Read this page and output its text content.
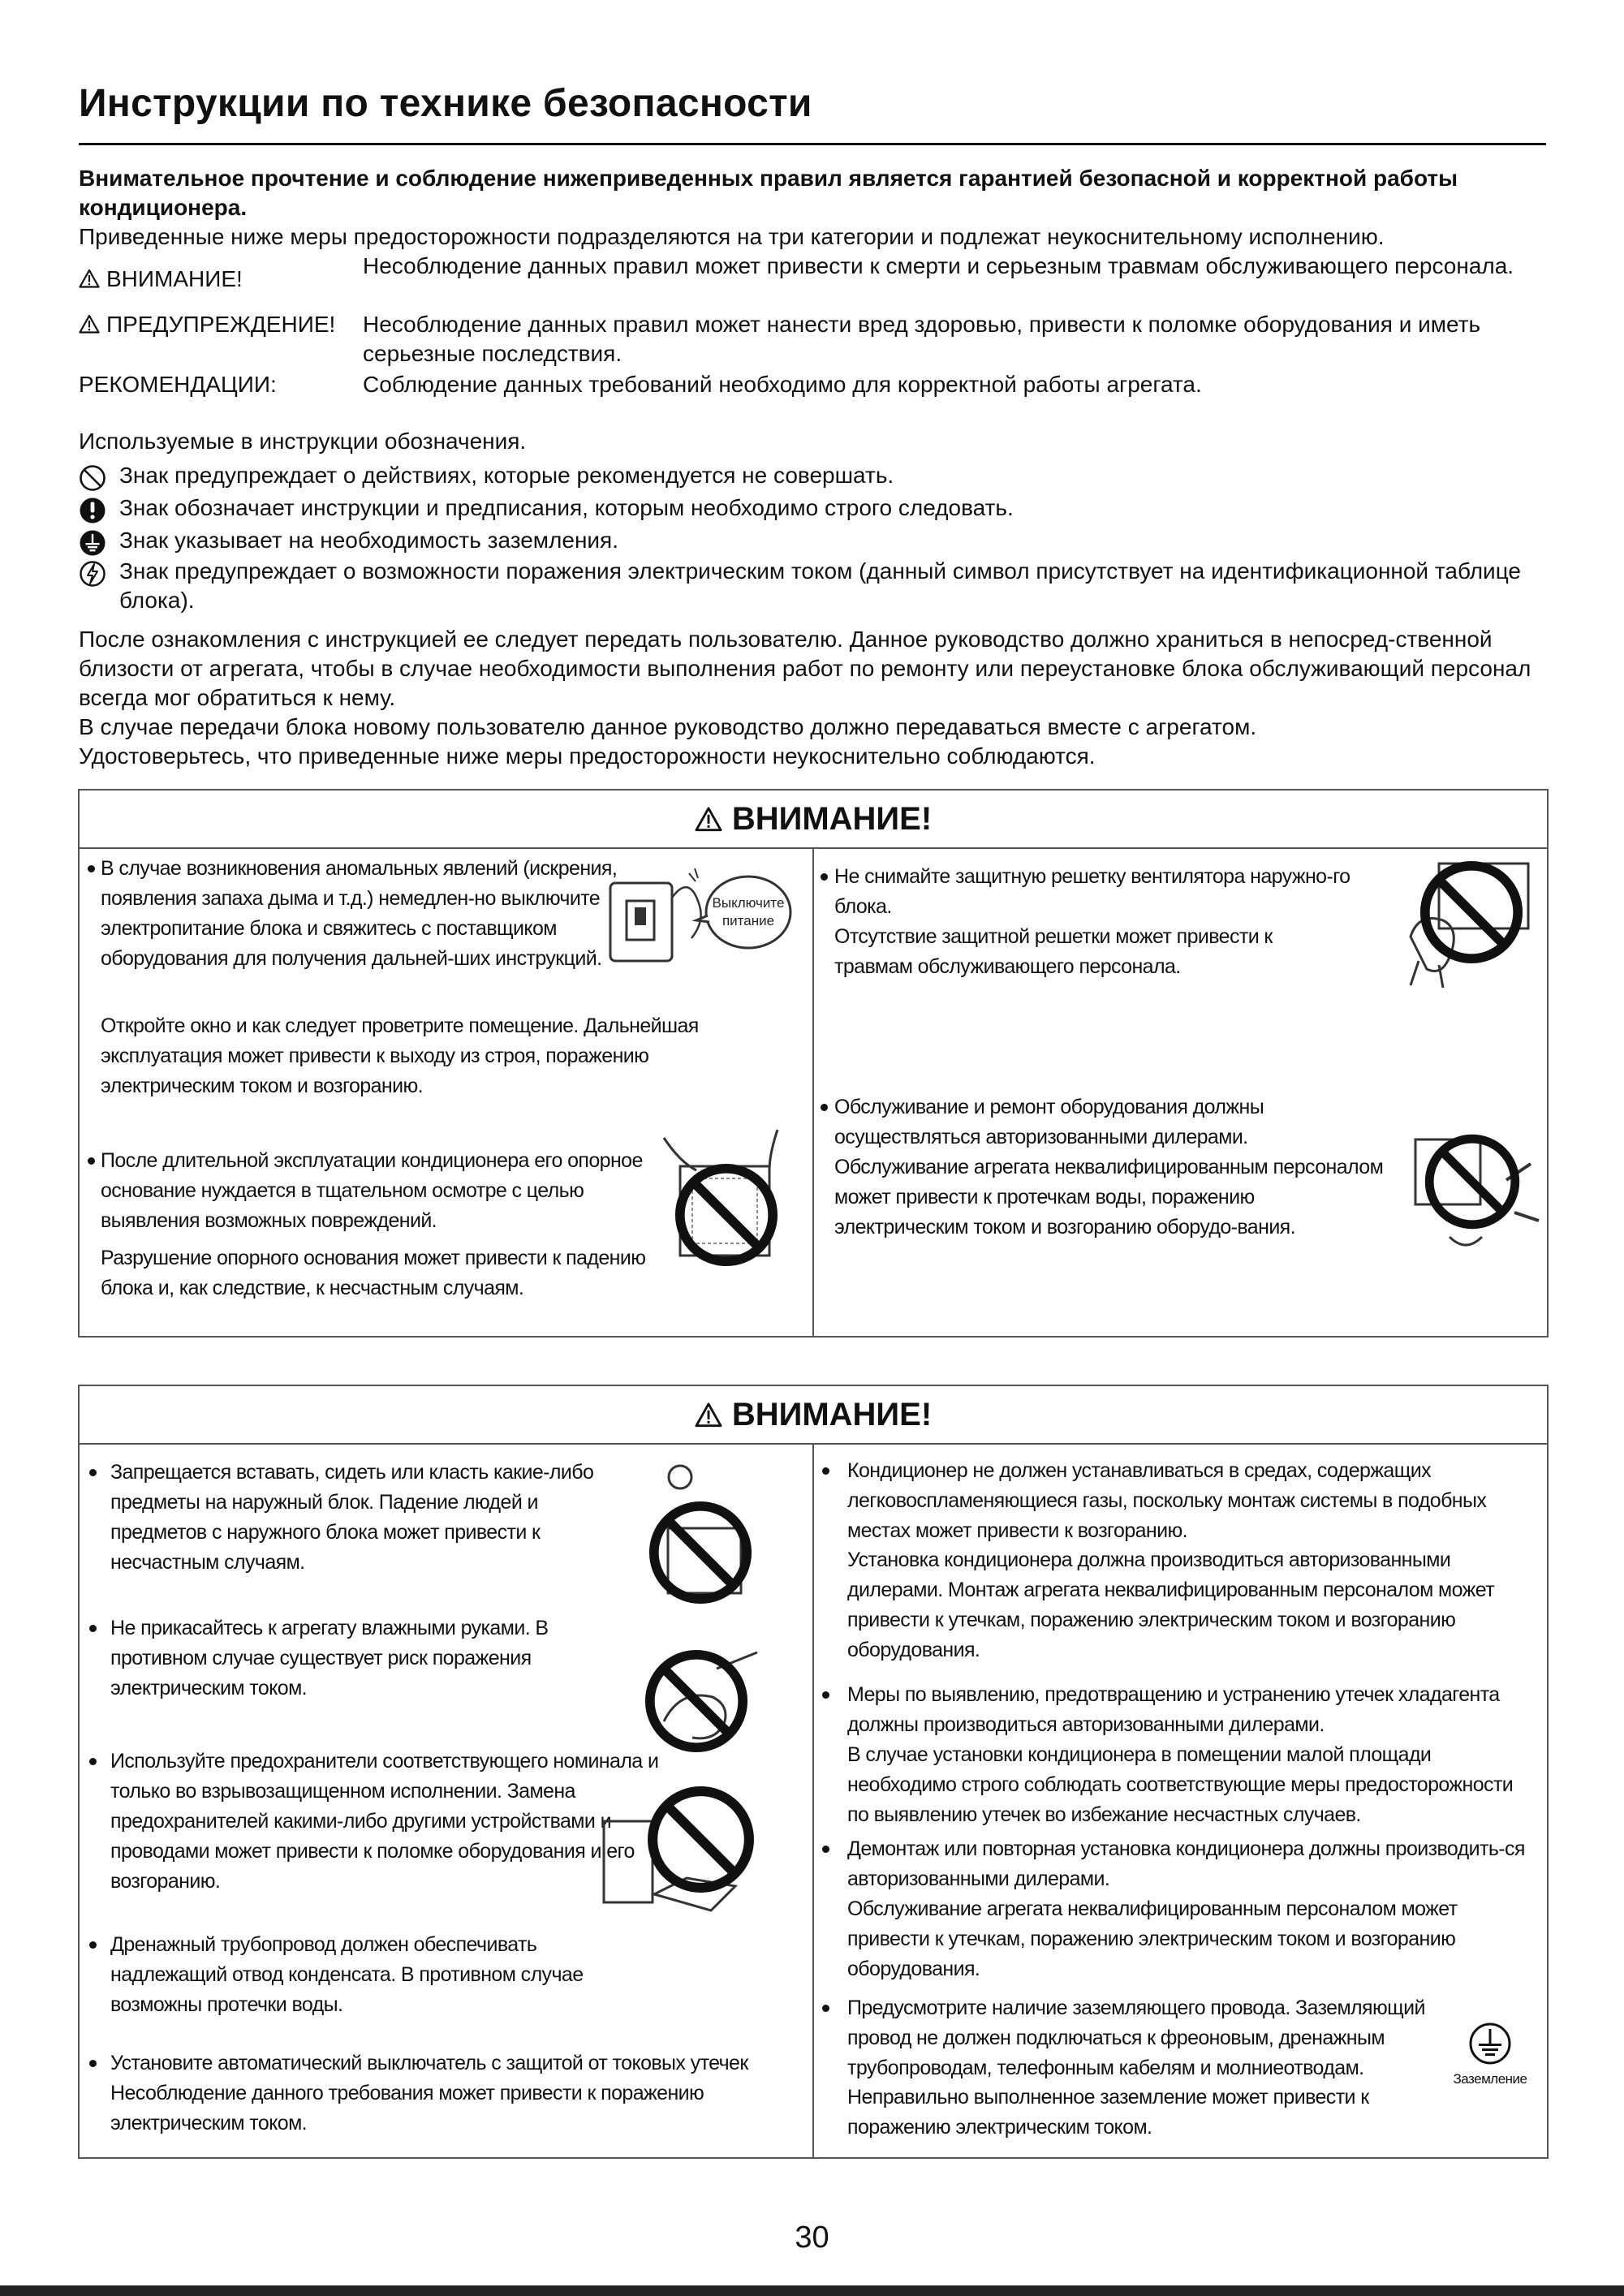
Инструкции по технике безопасности
Внимательное прочтение и соблюдение нижеприведенных правил является гарантией безопасной и корректной работы кондиционера.
Приведенные ниже меры предосторожности подразделяются на три категории и подлежат неукоснительному исполнению.
ВНИМАНИЕ!
Несоблюдение данных правил может привести к смерти и серьезным травмам обслуживающего персонала.
ПРЕДУПРЕЖДЕНИЕ! Несоблюдение данных правил может нанести вред здоровью, привести к поломке оборудования и иметь серьезные последствия.
РЕКОМЕНДАЦИИ:	Соблюдение данных требований необходимо для корректной работы агрегата.
Используемые в инструкции обозначения.
Знак предупреждает о действиях, которые рекомендуется не совершать.
Знак обозначает инструкции и предписания, которым необходимо строго следовать.
Знак указывает на необходимость заземления.
Знак предупреждает о возможности поражения электрическим током (данный символ присутствует на идентификационной таблице блока).
После ознакомления с инструкцией ее следует передать пользователю. Данное руководство должно храниться в непосред-ственной близости от агрегата, чтобы в случае необходимости выполнения работ по ремонту или переустановке блока обслуживающий персонал всегда мог обратиться к нему.
В случае передачи блока новому пользователю данное руководство должно передаваться вместе с агрегатом.
Удостоверьтесь, что приведенные ниже меры предосторожности неукоснительно соблюдаются.
ВНИМАНИЕ!
В случае возникновения аномальных явлений (искрения, появления запаха дыма и т.д.) немедлен-но выключите электропитание блока и свяжитесь с поставщиком оборудования для получения дальней-ших инструкций.
Откройте окно и как следует проветрите помещение. Дальнейшая эксплуатация может привести к выходу из строя, поражению электрическим током и возгоранию.
Выключите
питание
После длительной эксплуатации кондиционера его опорное основание нуждается в тщательном осмотре с целью выявления возможных повреждений.
Разрушение опорного основания может привести к падению блока и, как следствие, к несчастным случаям.
Не снимайте защитную решетку вентилятора наружно-го блока.
Отсутствие защитной решетки может привести к травмам обслуживающего персонала.
Обслуживание и ремонт оборудования должны осуществляться авторизованными дилерами.
Обслуживание агрегата неквалифицированным персоналом может привести к протечкам воды, поражению электрическим током и возгоранию оборудо-вания.
ВНИМАНИЕ!
Запрещается вставать, сидеть или класть какие-либо предметы на наружный блок. Падение людей и предметов с наружного блока может привести к несчастным случаям.
Не прикасайтесь к агрегату влажными руками. В противном случае существует риск поражения электрическим током.
Используйте предохранители соответствующего номинала и только во взрывозащищенном исполнении. Замена предохранителей какими-либо другими устройствами и проводами может привести к поломке оборудования и его возгоранию.
Дренажный трубопровод должен обеспечивать надлежащий отвод конденсата. В противном случае возможны протечки воды.
Установите автоматический выключатель с защитой от токовых утечек Несоблюдение данного требования может привести к поражению электрическим током.
Кондиционер не должен устанавливаться в средах, содержащих легковоспламеняющиеся газы, поскольку монтаж системы в подобных местах может привести к возгоранию.
Установка кондиционера должна производиться авторизованными дилерами. Монтаж агрегата неквалифицированным персоналом может привести к утечкам, поражению электрическим током и возгоранию оборудования.
Меры по выявлению, предотвращению и устранению утечек хладагента должны производиться авторизованными дилерами.
В случае установки кондиционера в помещении малой площади необходимо строго соблюдать соответствующие меры предосторожности по выявлению утечек во избежание несчастных случаев.
Демонтаж или повторная установка кондиционера должны производить-ся авторизованными дилерами.
Обслуживание агрегата неквалифицированным персоналом может привести к утечкам, поражению электрическим током и возгоранию оборудования.
Предусмотрите наличие заземляющего провода. Заземляющий провод не должен подключаться к фреоновым, дренажным трубопроводам, телефонным кабелям и молниеотводам.
Неправильно выполненное заземление может привести к поражению электрическим током.
Заземление
30
